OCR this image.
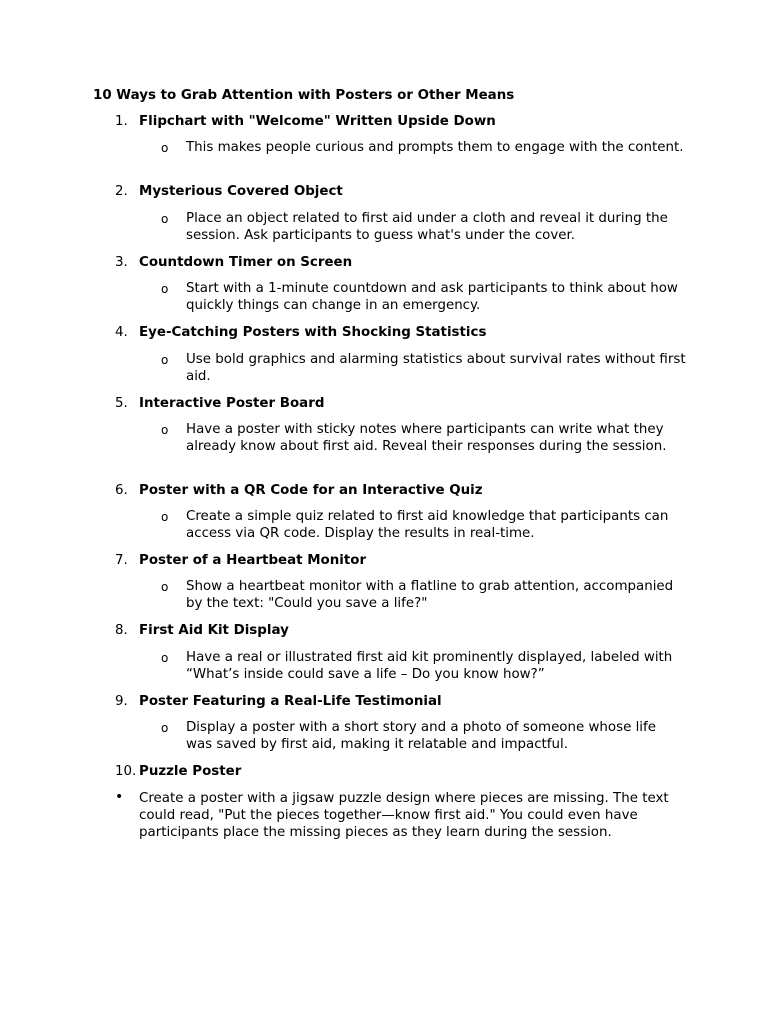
10 Ways to Grab Attention with Posters or Other Means
1. Flipchart with "Welcome" Written Upside Down
o This makes people curious and prompts them to engage with the content.
2. Mysterious Covered Object
o Place an object related to first aid under a cloth and reveal it during the session. Ask participants to guess what's under the cover.
3. Countdown Timer on Screen
o Start with a 1-minute countdown and ask participants to think about how quickly things can change in an emergency.
4. Eye-Catching Posters with Shocking Statistics
o Use bold graphics and alarming statistics about survival rates without first aid.
5. Interactive Poster Board
o Have a poster with sticky notes where participants can write what they already know about first aid. Reveal their responses during the session.
6. Poster with a QR Code for an Interactive Quiz
o Create a simple quiz related to first aid knowledge that participants can access via QR code. Display the results in real-time.
7. Poster of a Heartbeat Monitor
o Show a heartbeat monitor with a flatline to grab attention, accompanied by the text: "Could you save a life?"
8. First Aid Kit Display
o Have a real or illustrated first aid kit prominently displayed, labeled with “What’s inside could save a life – Do you know how?”
9. Poster Featuring a Real-Life Testimonial
o Display a poster with a short story and a photo of someone whose life was saved by first aid, making it relatable and impactful.
10. Puzzle Poster
• Create a poster with a jigsaw puzzle design where pieces are missing. The text could read, "Put the pieces together—know first aid." You could even have participants place the missing pieces as they learn during the session.
